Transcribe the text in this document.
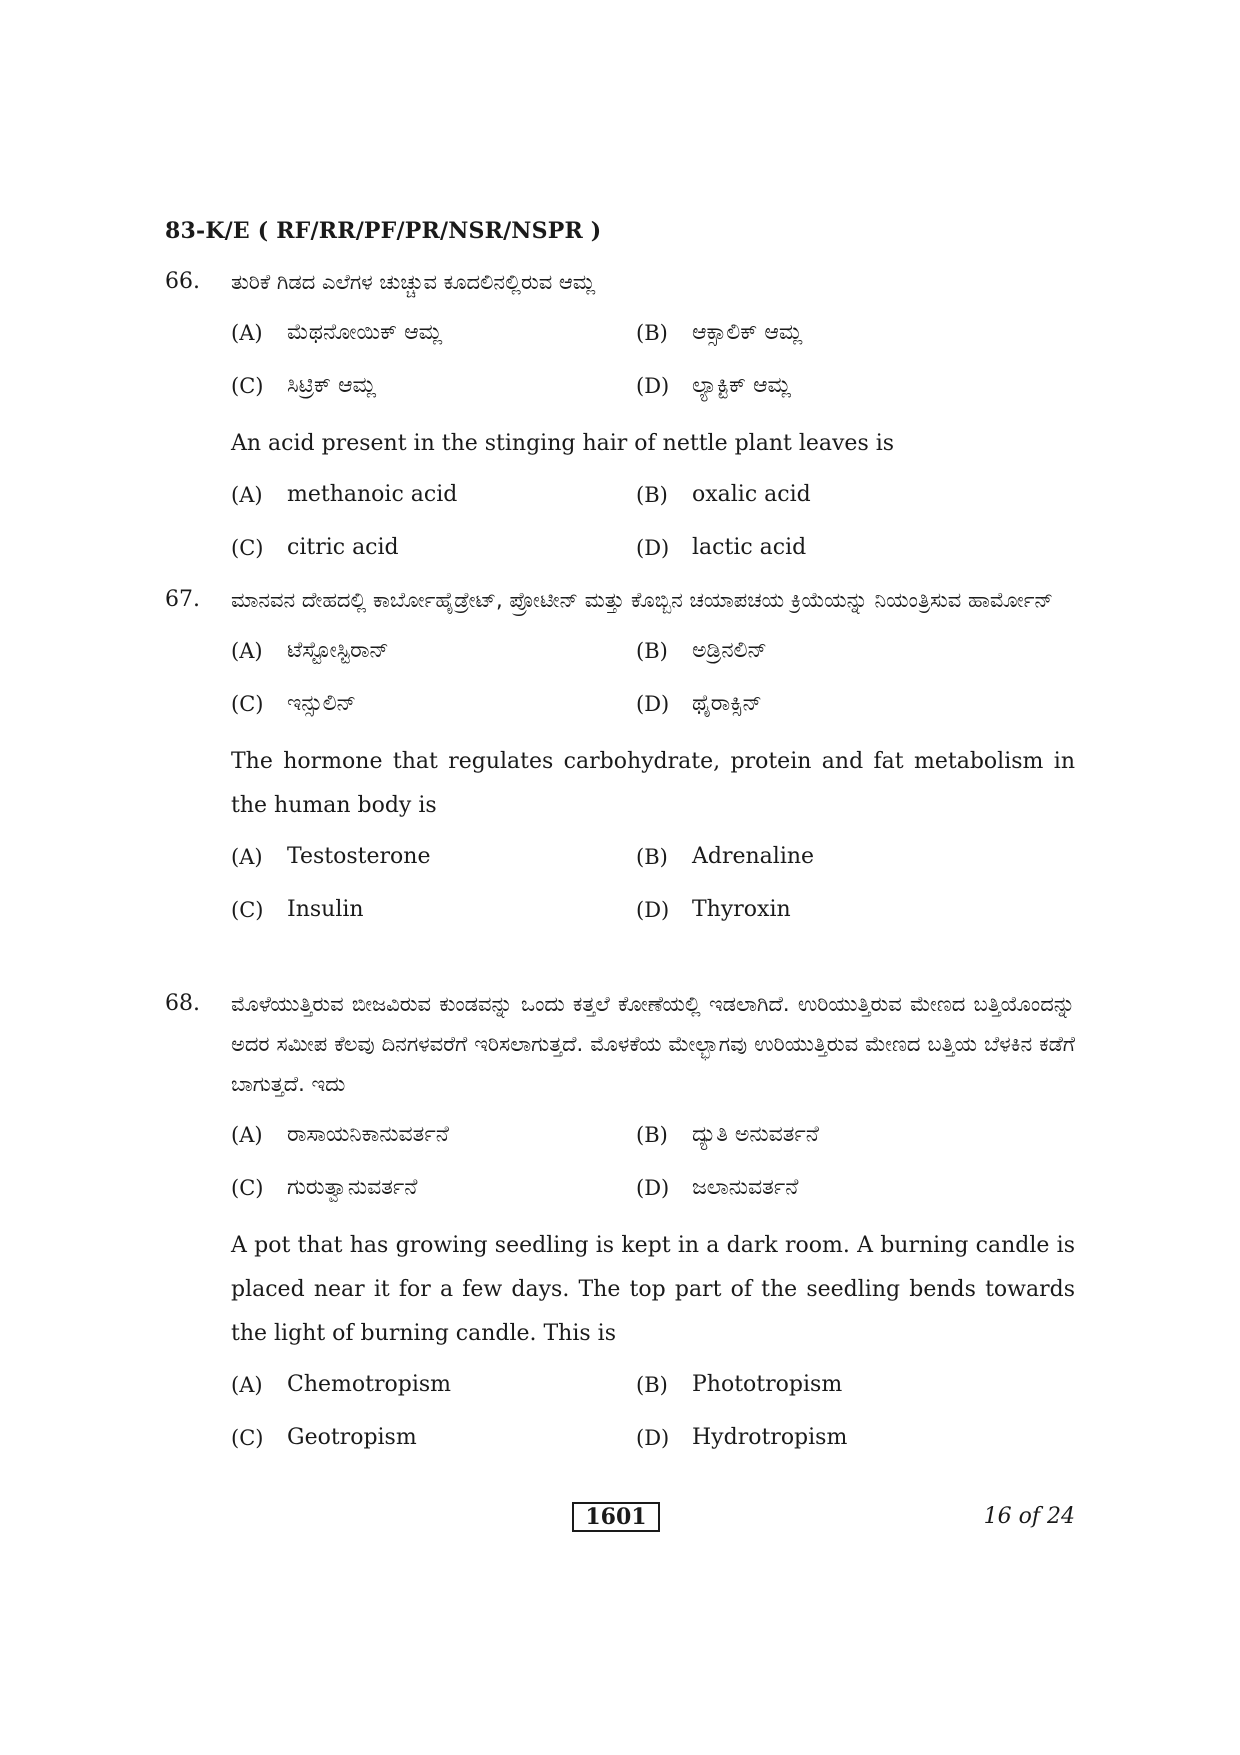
83-K/E ( RF/RR/PF/PR/NSR/NSPR )
66.	ತುರಿಕೆ ಗಿಡದ ಎಲೆಗಳ ಚುಚ್ಚುವ ಕೂದಲಿನಲ್ಲಿರುವ ಆಮ್ಲ
(A)	ಮೆಥನೋಯಿಕ್ ಆಮ್ಲ	(B)	ಆಕ್ಸಾಲಿಕ್ ಆಮ್ಲ
(C)	ಸಿಟ್ರಿಕ್ ಆಮ್ಲ	(D)	ಲ್ಯಾಕ್ಟಿಕ್ ಆಮ್ಲ
An acid present in the stinging hair of nettle plant leaves is
(A)	methanoic acid	(B)	oxalic acid
(C)	citric acid	(D)	lactic acid
67.	ಮಾನವನ ದೇಹದಲ್ಲಿ ಕಾರ್ಬೋಹೈಡ್ರೇಟ್, ಪ್ರೋಟೀನ್ ಮತ್ತು ಕೊಬ್ಬಿನ ಚಯಾಪಚಯ ಕ್ರಿಯೆಯನ್ನು ನಿಯಂತ್ರಿಸುವ ಹಾರ್ಮೋನ್
(A)	ಟೆಸ್ಟೋಸ್ಟಿರಾನ್	(B)	ಅಡ್ರಿನಲಿನ್
(C)	ಇನ್ಸುಲಿನ್	(D)	ಥೈರಾಕ್ಸಿನ್
The hormone that regulates carbohydrate, protein and fat metabolism in the human body is
(A)	Testosterone	(B)	Adrenaline
(C)	Insulin	(D)	Thyroxin
68.	ಮೊಳೆಯುತ್ತಿರುವ ಬೀಜವಿರುವ ಕುಂಡವನ್ನು ಒಂದು ಕತ್ತಲೆ ಕೋಣೆಯಲ್ಲಿ ಇಡಲಾಗಿದೆ. ಉರಿಯುತ್ತಿರುವ ಮೇಣದ ಬತ್ತಿಯೊಂದನ್ನು ಅದರ ಸಮೀಪ ಕೆಲವು ದಿನಗಳವರೆಗೆ ಇರಿಸಲಾಗುತ್ತದೆ. ಮೊಳಕೆಯ ಮೇಲ್ಭಾಗವು ಉರಿಯುತ್ತಿರುವ ಮೇಣದ ಬತ್ತಿಯ ಬೆಳಕಿನ ಕಡೆಗೆ ಬಾಗುತ್ತದೆ. ಇದು
(A)	ರಾಸಾಯನಿಕಾನುವರ್ತನೆ	(B)	ದ್ಯುತಿ ಅನುವರ್ತನೆ
(C)	ಗುರುತ್ವಾನುವರ್ತನೆ	(D)	ಜಲಾನುವರ್ತನೆ
A pot that has growing seedling is kept in a dark room. A burning candle is placed near it for a few days. The top part of the seedling bends towards the light of burning candle. This is
(A)	Chemotropism	(B)	Phototropism
(C)	Geotropism	(D)	Hydrotropism
1601	16 of 24
